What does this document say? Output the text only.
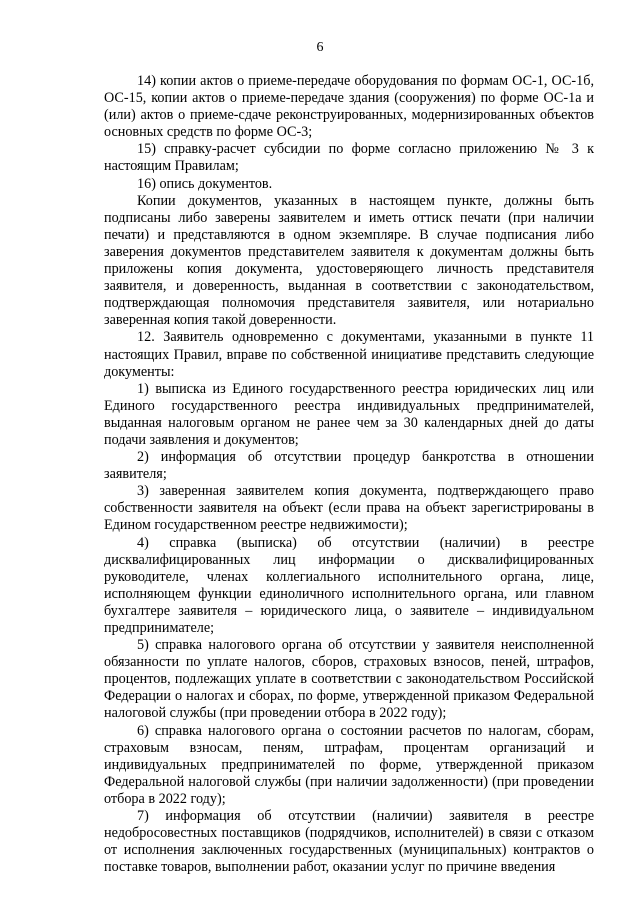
6

14) копии актов о приеме-передаче оборудования по формам ОС-1, ОС-1б, ОС-15, копии актов о приеме-передаче здания (сооружения) по форме ОС-1а и (или) актов о приеме-сдаче реконструированных, модернизированных объектов основных средств по форме ОС-3;

15) справку-расчет субсидии по форме согласно приложению № 3 к настоящим Правилам;

16) опись документов.

Копии документов, указанных в настоящем пункте, должны быть подписаны либо заверены заявителем и иметь оттиск печати (при наличии печати) и представляются в одном экземпляре. В случае подписания либо заверения документов представителем заявителя к документам должны быть приложены копия документа, удостоверяющего личность представителя заявителя, и доверенность, выданная в соответствии с законодательством, подтверждающая полномочия представителя заявителя, или нотариально заверенная копия такой доверенности.

12. Заявитель одновременно с документами, указанными в пункте 11 настоящих Правил, вправе по собственной инициативе представить следующие документы:

1) выписка из Единого государственного реестра юридических лиц или Единого государственного реестра индивидуальных предпринимателей, выданная налоговым органом не ранее чем за 30 календарных дней до даты подачи заявления и документов;

2) информация об отсутствии процедур банкротства в отношении заявителя;

3) заверенная заявителем копия документа, подтверждающего право собственности заявителя на объект (если права на объект зарегистрированы в Едином государственном реестре недвижимости);

4) справка (выписка) об отсутствии (наличии) в реестре дисквалифицированных лиц информации о дисквалифицированных руководителе, членах коллегиального исполнительного органа, лице, исполняющем функции единоличного исполнительного органа, или главном бухгалтере заявителя – юридического лица, о заявителе – индивидуальном предпринимателе;

5) справка налогового органа об отсутствии у заявителя неисполненной обязанности по уплате налогов, сборов, страховых взносов, пеней, штрафов, процентов, подлежащих уплате в соответствии с законодательством Российской Федерации о налогах и сборах, по форме, утвержденной приказом Федеральной налоговой службы (при проведении отбора в 2022 году);

6) справка налогового органа о состоянии расчетов по налогам, сборам, страховым взносам, пеням, штрафам, процентам организаций и индивидуальных предпринимателей по форме, утвержденной приказом Федеральной налоговой службы (при наличии задолженности) (при проведении отбора в 2022 году);

7) информация об отсутствии (наличии) заявителя в реестре недобросовестных поставщиков (подрядчиков, исполнителей) в связи с отказом от исполнения заключенных государственных (муниципальных) контрактов о поставке товаров, выполнении работ, оказании услуг по причине введения
